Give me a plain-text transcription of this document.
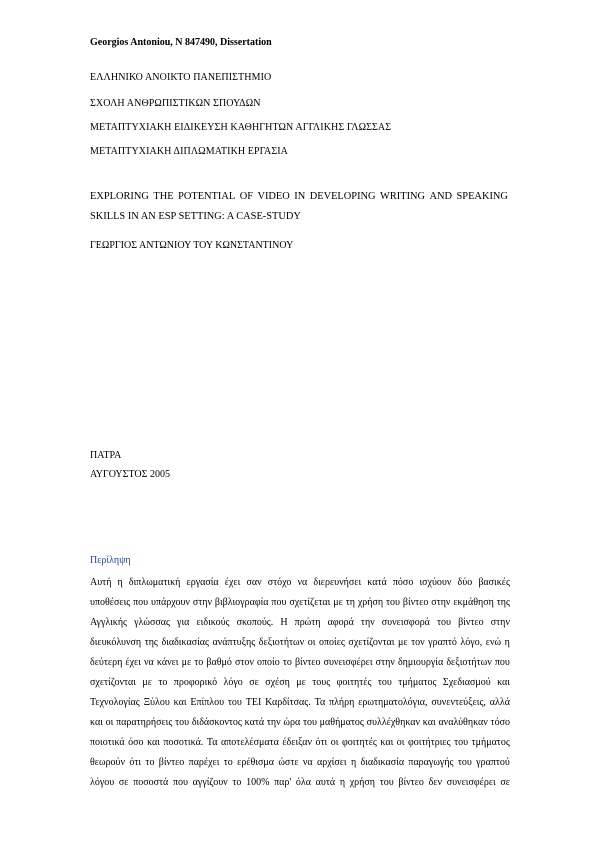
Georgios Antoniou, N 847490, Dissertation
ΕΛΛΗΝΙΚΟ ΑΝΟΙΚΤΟ ΠΑΝΕΠΙΣΤΗΜΙΟ
ΣΧΟΛΗ ΑΝΘΡΩΠΙΣΤΙΚΩΝ ΣΠΟΥΔΩΝ
ΜΕΤΑΠΤΥΧΙΑΚΗ ΕΙΔΙΚΕΥΣΗ ΚΑΘΗΓΗΤΩΝ ΑΓΓΛΙΚΗΣ ΓΛΩΣΣΑΣ
ΜΕΤΑΠΤΥΧΙΑΚΗ ΔΙΠΛΩΜΑΤΙΚΗ ΕΡΓΑΣΙΑ
EXPLORING THE POTENTIAL OF VIDEO IN DEVELOPING WRITING AND SPEAKING
SKILLS IN AN ESP SETTING: A CASE-STUDY
ΓΕΩΡΓΙΟΣ ΑΝΤΩΝΙΟΥ ΤΟΥ ΚΩΝΣΤΑΝΤΙΝΟΥ
ΠΑΤΡΑ
ΑΥΓΟΥΣΤΟΣ 2005
Περίληψη
Αυτή η διπλωματική εργασία έχει σαν στόχο να διερευνήσει κατά πόσο ισχύουν δύο βασικές
υποθέσεις που υπάρχουν στην βιβλιογραφία που σχετίζεται με τη χρήση του βίντεο στην εκμάθηση της
Αγγλικής γλώσσας για ειδικούς σκοπούς. Η πρώτη αφορά την συνεισφορά του βίντεο στην
διευκόλυνση της διαδικασίας ανάπτυξης δεξιοτήτων οι οποίες σχετίζονται με τον γραπτό λόγο, ενώ η
δεύτερη έχει να κάνει με το βαθμό στον οποίο το βίντεο συνεισφέρει στην δημιουργία δεξιοτήτων που
σχετίζονται με το προφορικό λόγο σε σχέση με τους φοιτητές του τμήματος Σχεδιασμού και
Τεχνολογίας Ξύλου και Επίπλου του ΤΕΙ Καρδίτσας. Τα πλήρη ερωτηματολόγια, συνεντεύξεις, αλλά
και οι παρατηρήσεις του διδάσκοντος κατά την ώρα του μαθήματος συλλέχθηκαν και αναλύθηκαν τόσο
ποιοτικά όσο και ποσοτικά. Τα αποτελέσματα έδειξαν ότι οι φοιτητές και οι φοιτήτριες του τμήματος
θεωρούν ότι το βίντεο παρέχει το ερέθισμα ώστε να αρχίσει η διαδικασία παραγωγής του γραπτού
λόγου σε ποσοστά που αγγίζουν το 100% παρ' όλα αυτά η χρήση του βίντεο δεν συνεισφέρει σε
